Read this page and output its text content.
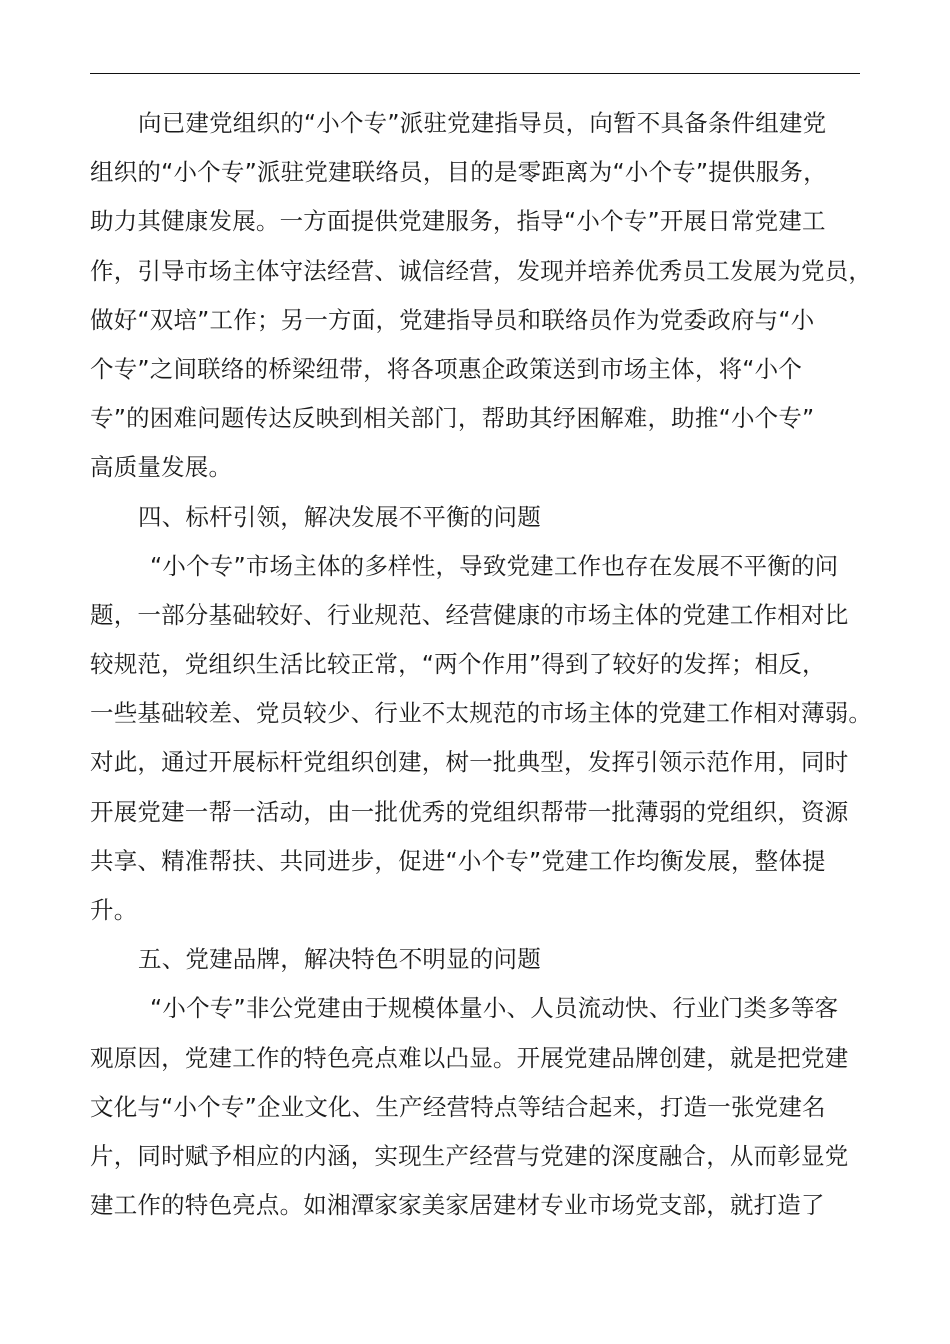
向已建党组织的“小个专”派驻党建指导员，向暂不具备条件组建党
组织的“小个专”派驻党建联络员，目的是零距离为“小个专”提供服务，
助力其健康发展。一方面提供党建服务，指导“小个专”开展日常党建工
作，引导市场主体守法经营、诚信经营，发现并培养优秀员工发展为党员，
做好“双培”工作；另一方面，党建指导员和联络员作为党委政府与“小
个专”之间联络的桥梁纽带，将各项惠企政策送到市场主体，将“小个
专”的困难问题传达反映到相关部门，帮助其纾困解难，助推“小个专”
高质量发展。
四、标杆引领，解决发展不平衡的问题
“小个专”市场主体的多样性，导致党建工作也存在发展不平衡的问
题，一部分基础较好、行业规范、经营健康的市场主体的党建工作相对比
较规范，党组织生活比较正常，“两个作用”得到了较好的发挥；相反，
一些基础较差、党员较少、行业不太规范的市场主体的党建工作相对薄弱。
对此，通过开展标杆党组织创建，树一批典型，发挥引领示范作用，同时
开展党建一帮一活动，由一批优秀的党组织帮带一批薄弱的党组织，资源
共享、精准帮扶、共同进步，促进“小个专”党建工作均衡发展，整体提
升。
五、党建品牌，解决特色不明显的问题
“小个专”非公党建由于规模体量小、人员流动快、行业门类多等客
观原因，党建工作的特色亮点难以凸显。开展党建品牌创建，就是把党建
文化与“小个专”企业文化、生产经营特点等结合起来，打造一张党建名
片，同时赋予相应的内涵，实现生产经营与党建的深度融合，从而彰显党
建工作的特色亮点。如湘潭家家美家居建材专业市场党支部，就打造了
